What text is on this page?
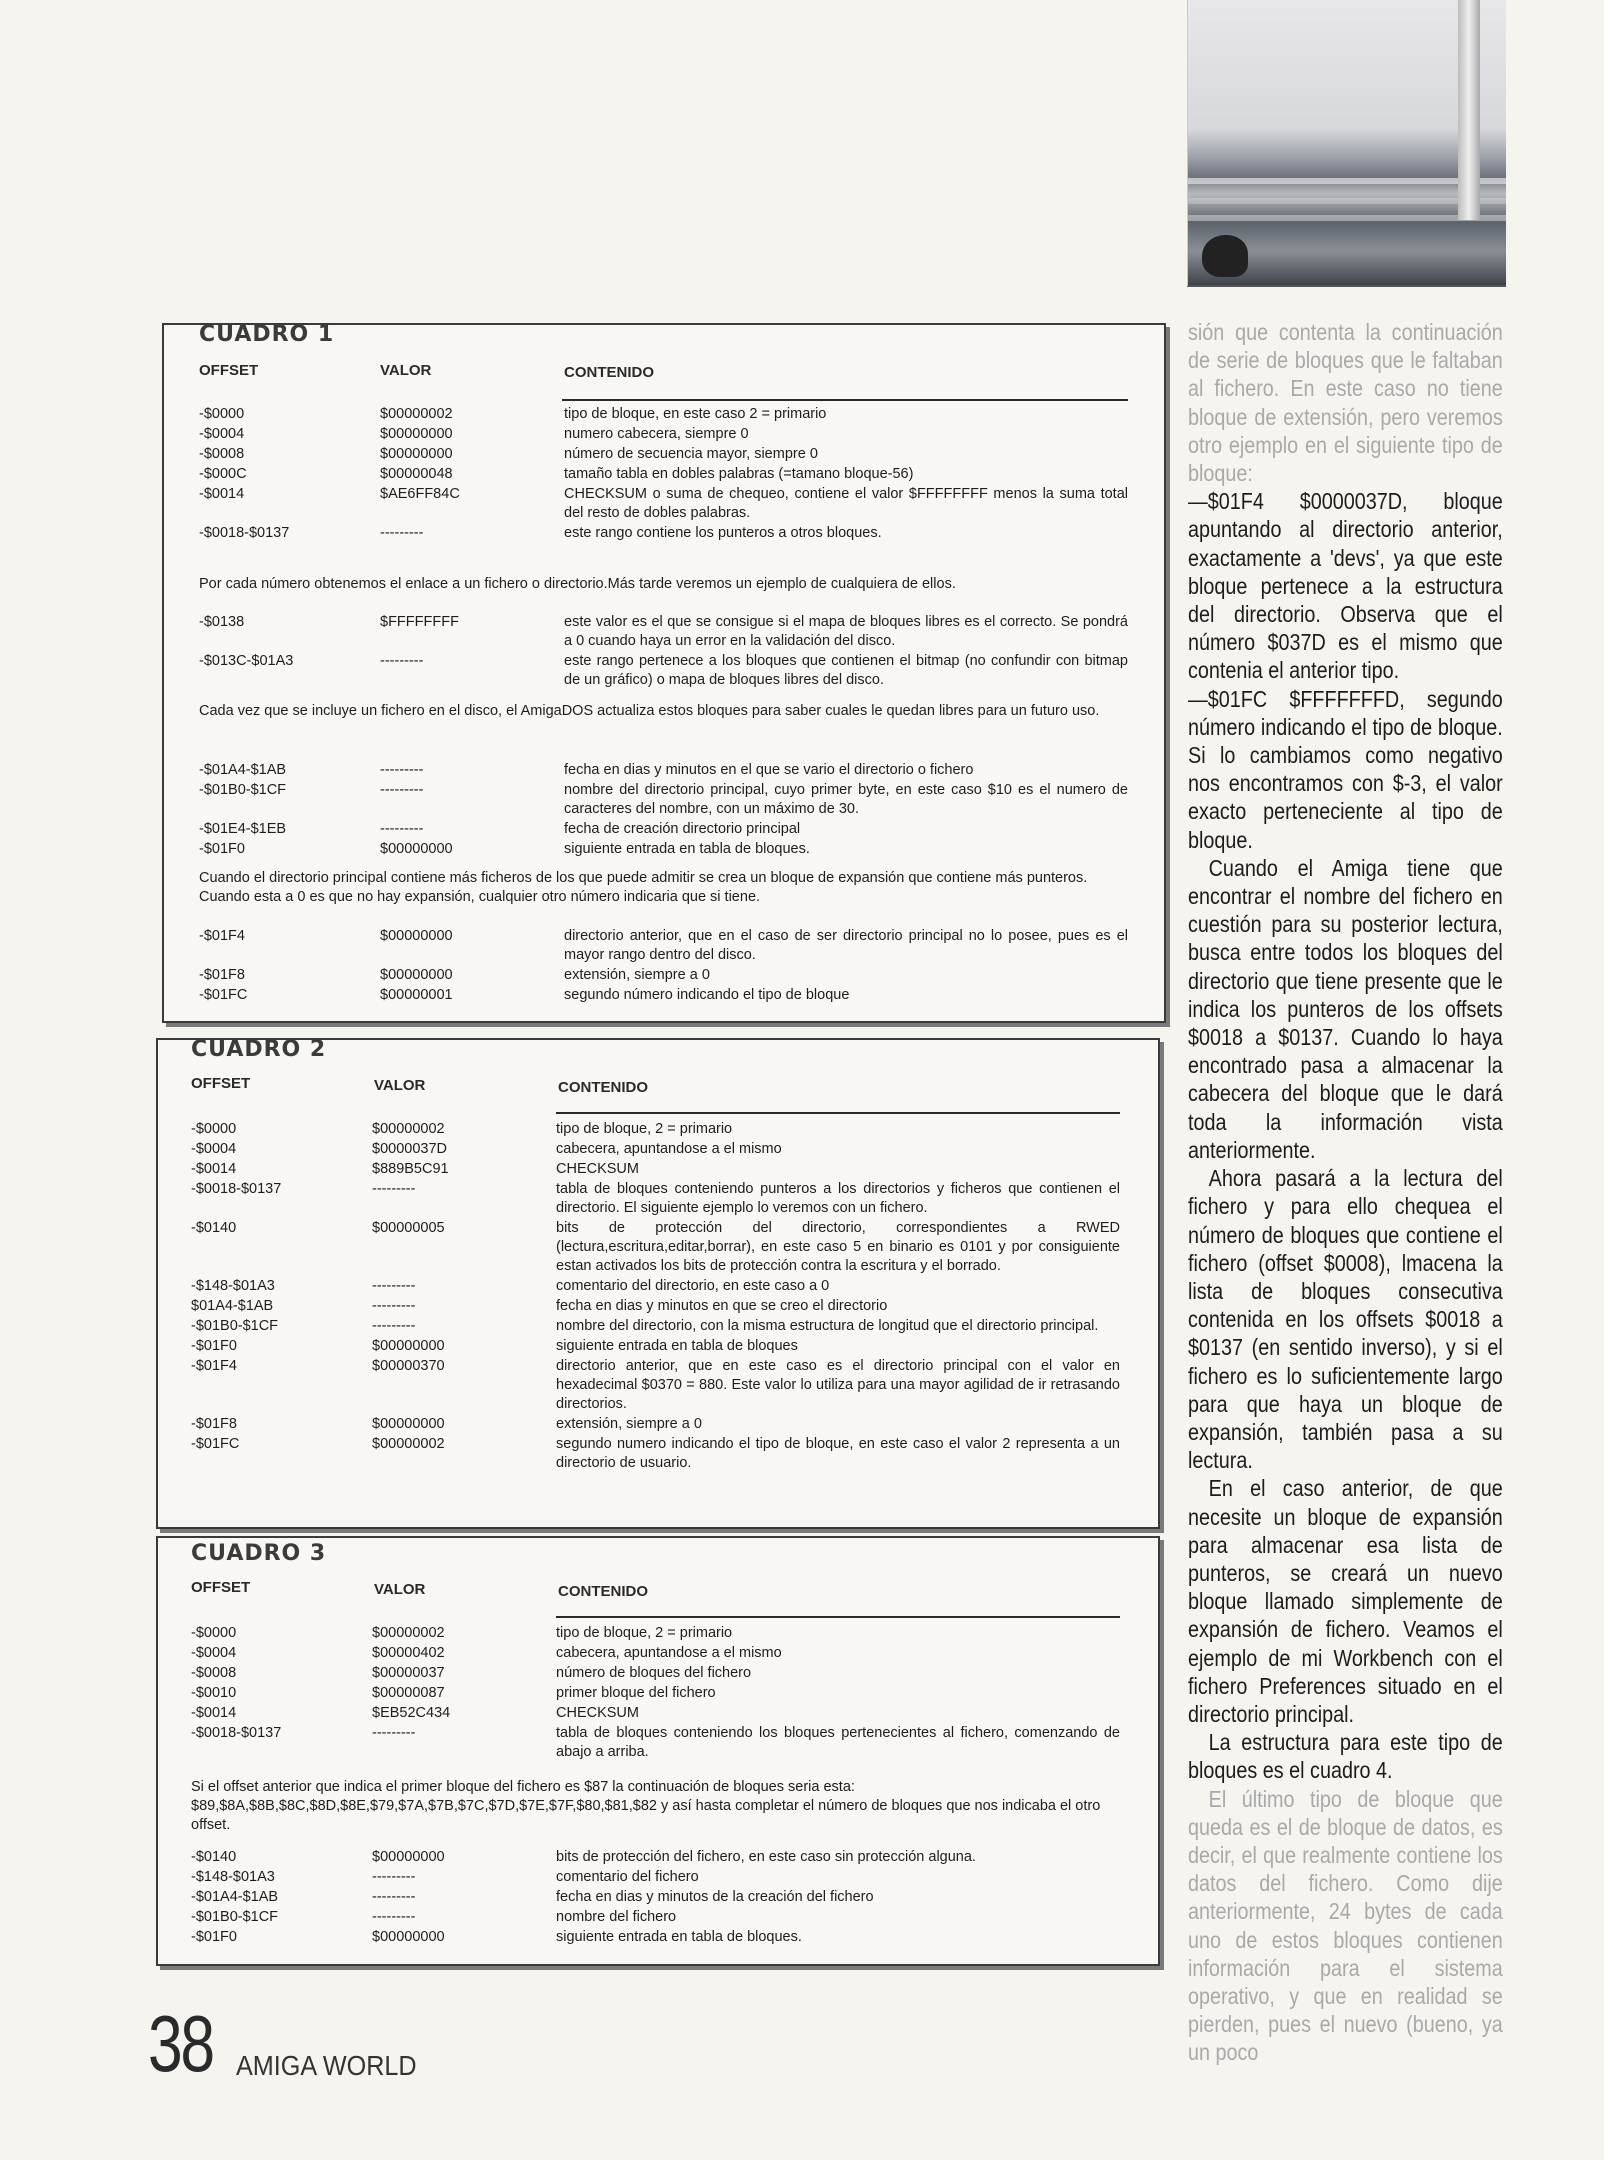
CUADRO 1
OFFSET	VALOR	CONTENIDO
-$0000	$00000002	tipo de bloque, en este caso 2 = primario
-$0004	$00000000	numero cabecera, siempre 0
-$0008	$00000000	número de secuencia mayor, siempre 0
-$000C	$00000048	tamaño tabla en dobles palabras (=tamano bloque-56)
-$0014	$AE6FF84C	CHECKSUM o suma de chequeo, contiene el valor $FFFFFFFF menos la suma total del resto de dobles palabras.
-$0018-$0137	---------	este rango contiene los punteros a otros bloques.
Por cada número obtenemos el enlace a un fichero o directorio.Más tarde veremos un ejemplo de cualquiera de ellos.
-$0138	$FFFFFFFF	este valor es el que se consigue si el mapa de bloques libres es el correcto. Se pondrá a 0 cuando haya un error en la validación del disco.
-$013C-$01A3	---------	este rango pertenece a los bloques que contienen el bitmap (no confundir con bitmap de un gráfico) o mapa de bloques libres del disco.
Cada vez que se incluye un fichero en el disco, el AmigaDOS actualiza estos bloques para saber cuales le quedan libres para un futuro uso.
-$01A4-$1AB	---------	fecha en dias y minutos en el que se vario el directorio o fichero
-$01B0-$1CF	---------	nombre del directorio principal, cuyo primer byte, en este caso $10 es el numero de caracteres del nombre, con un máximo de 30.
-$01E4-$1EB	---------	fecha de creación directorio principal
-$01F0	$00000000	siguiente entrada en tabla de bloques.
Cuando el directorio principal contiene más ficheros de los que puede admitir se crea un bloque de expansión que contiene más punteros. Cuando esta a 0 es que no hay expansión, cualquier otro número indicaria que si tiene.
-$01F4	$00000000	directorio anterior, que en el caso de ser directorio principal no lo posee, pues es el mayor rango dentro del disco.
-$01F8	$00000000	extensión, siempre a 0
-$01FC	$00000001	segundo número indicando el tipo de bloque
CUADRO 2
OFFSET	VALOR	CONTENIDO
-$0000	$00000002	tipo de bloque, 2 = primario
-$0004	$0000037D	cabecera, apuntandose a el mismo
-$0014	$889B5C91	CHECKSUM
-$0018-$0137	---------	tabla de bloques conteniendo punteros a los directorios y ficheros que contienen el directorio. El siguiente ejemplo lo veremos con un fichero.
-$0140	$00000005	bits de protección del directorio, correspondientes a RWED (lectura,escritura,editar,borrar), en este caso 5 en binario es 0101 y por consiguiente estan activados los bits de protección contra la escritura y el borrado.
-$148-$01A3	---------	comentario del directorio, en este caso a 0
$01A4-$1AB	---------	fecha en dias y minutos en que se creo el directorio
-$01B0-$1CF	---------	nombre del directorio, con la misma estructura de longitud que el directorio principal.
-$01F0	$00000000	siguiente entrada en tabla de bloques
-$01F4	$00000370	directorio anterior, que en este caso es el directorio principal con el valor en hexadecimal $0370 = 880. Este valor lo utiliza para una mayor agilidad de ir retrasando directorios.
-$01F8	$00000000	extensión, siempre a 0
-$01FC	$00000002	segundo numero indicando el tipo de bloque, en este caso el valor 2 representa a un directorio de usuario.
CUADRO 3
OFFSET	VALOR	CONTENIDO
-$0000	$00000002	tipo de bloque, 2 = primario
-$0004	$00000402	cabecera, apuntandose a el mismo
-$0008	$00000037	número de bloques del fichero
-$0010	$00000087	primer bloque del fichero
-$0014	$EB52C434	CHECKSUM
-$0018-$0137	---------	tabla de bloques conteniendo los bloques pertenecientes al fichero, comenzando de abajo a arriba.
Si el offset anterior que indica el primer bloque del fichero es $87 la continuación de bloques seria esta: $89,$8A,$8B,$8C,$8D,$8E,$79,$7A,$7B,$7C,$7D,$7E,$7F,$80,$81,$82 y así hasta completar el número de bloques que nos indicaba el otro offset.
-$0140	$00000000	bits de protección del fichero, en este caso sin protección alguna.
-$148-$01A3	---------	comentario del fichero
-$01A4-$1AB	---------	fecha en dias y minutos de la creación del fichero
-$01B0-$1CF	---------	nombre del fichero
-$01F0	$00000000	siguiente entrada en tabla de bloques.

sión que contenta la continuación de serie de bloques que le faltaban al fichero. En este caso no tiene bloque de extensión, pero veremos otro ejemplo en el siguiente tipo de bloque:

—$01F4 $0000037D, bloque apuntando al directorio anterior, exactamente a 'devs', ya que este bloque pertenece a la estructura del directorio. Observa que el número $037D es el mismo que contenia el anterior tipo.

—$01FC $FFFFFFFD, segundo número indicando el tipo de bloque. Si lo cambiamos como negativo nos encontramos con $-3, el valor exacto perteneciente al tipo de bloque.

Cuando el Amiga tiene que encontrar el nombre del fichero en cuestión para su posterior lectura, busca entre todos los bloques del directorio que tiene presente que le indica los punteros de los offsets $0018 a $0137. Cuando lo haya encontrado pasa a almacenar la cabecera del bloque que le dará toda la información vista anteriormente.

Ahora pasará a la lectura del fichero y para ello chequea el número de bloques que contiene el fichero (offset $0008), lmacena la lista de bloques consecutiva contenida en los offsets $0018 a $0137 (en sentido inverso), y si el fichero es lo suficientemente largo para que haya un bloque de expansión, también pasa a su lectura.

En el caso anterior, de que necesite un bloque de expansión para almacenar esa lista de punteros, se creará un nuevo bloque llamado simplemente de expansión de fichero. Veamos el ejemplo de mi Workbench con el fichero Preferences situado en el directorio principal.

La estructura para este tipo de bloques es el cuadro 4.

El último tipo de bloque que queda es el de bloque de datos, es decir, el que realmente contiene los datos del fichero. Como dije anteriormente, 24 bytes de cada uno de estos bloques contienen información para el sistema operativo, y que en realidad se pierden, pues el nuevo (bueno, ya un poco

38 AMIGA WORLD
